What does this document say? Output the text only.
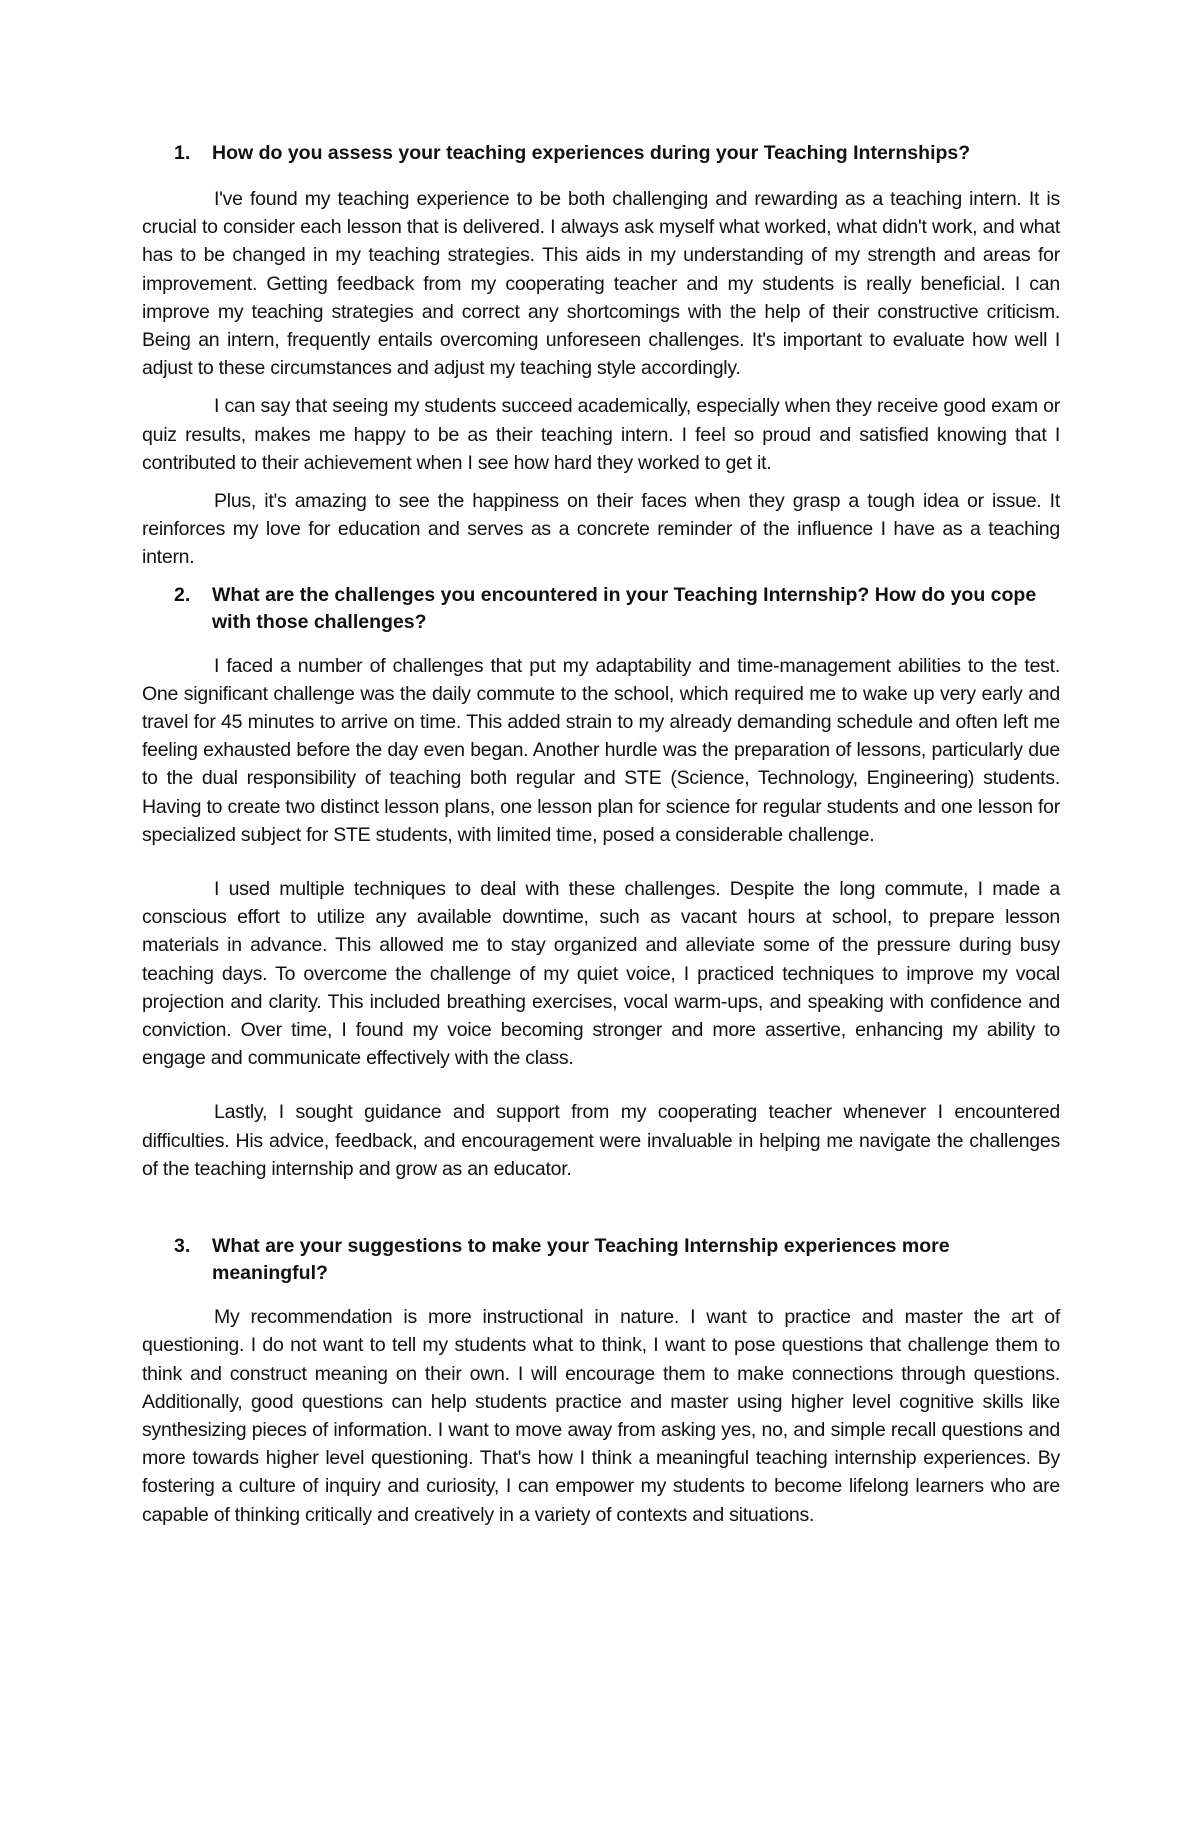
1.	How do you assess your teaching experiences during your Teaching Internships?

I've found my teaching experience to be both challenging and rewarding as a teaching intern. It is crucial to consider each lesson that is delivered. I always ask myself what worked, what didn't work, and what has to be changed in my teaching strategies. This aids in my understanding of my strength and areas for improvement. Getting feedback from my cooperating teacher and my students is really beneficial. I can improve my teaching strategies and correct any shortcomings with the help of their constructive criticism. Being an intern, frequently entails overcoming unforeseen challenges. It's important to evaluate how well I adjust to these circumstances and adjust my teaching style accordingly.

I can say that seeing my students succeed academically, especially when they receive good exam or quiz results, makes me happy to be as their teaching intern. I feel so proud and satisfied knowing that I contributed to their achievement when I see how hard they worked to get it.

Plus, it's amazing to see the happiness on their faces when they grasp a tough idea or issue. It reinforces my love for education and serves as a concrete reminder of the influence I have as a teaching intern.

2.	What are the challenges you encountered in your Teaching Internship? How do you cope with those challenges?

I faced a number of challenges that put my adaptability and time-management abilities to the test. One significant challenge was the daily commute to the school, which required me to wake up very early and travel for 45 minutes to arrive on time. This added strain to my already demanding schedule and often left me feeling exhausted before the day even began. Another hurdle was the preparation of lessons, particularly due to the dual responsibility of teaching both regular and STE (Science, Technology, Engineering) students. Having to create two distinct lesson plans, one lesson plan for science for regular students and one lesson for specialized subject for STE students, with limited time, posed a considerable challenge.

I used multiple techniques to deal with these challenges. Despite the long commute, I made a conscious effort to utilize any available downtime, such as vacant hours at school, to prepare lesson materials in advance. This allowed me to stay organized and alleviate some of the pressure during busy teaching days. To overcome the challenge of my quiet voice, I practiced techniques to improve my vocal projection and clarity. This included breathing exercises, vocal warm-ups, and speaking with confidence and conviction. Over time, I found my voice becoming stronger and more assertive, enhancing my ability to engage and communicate effectively with the class.

Lastly, I sought guidance and support from my cooperating teacher whenever I encountered difficulties. His advice, feedback, and encouragement were invaluable in helping me navigate the challenges of the teaching internship and grow as an educator.

3.	What are your suggestions to make your Teaching Internship experiences more meaningful?

My recommendation is more instructional in nature. I want to practice and master the art of questioning. I do not want to tell my students what to think, I want to pose questions that challenge them to think and construct meaning on their own. I will encourage them to make connections through questions. Additionally, good questions can help students practice and master using higher level cognitive skills like synthesizing pieces of information. I want to move away from asking yes, no, and simple recall questions and more towards higher level questioning. That's how I think a meaningful teaching internship experiences. By fostering a culture of inquiry and curiosity, I can empower my students to become lifelong learners who are capable of thinking critically and creatively in a variety of contexts and situations.
